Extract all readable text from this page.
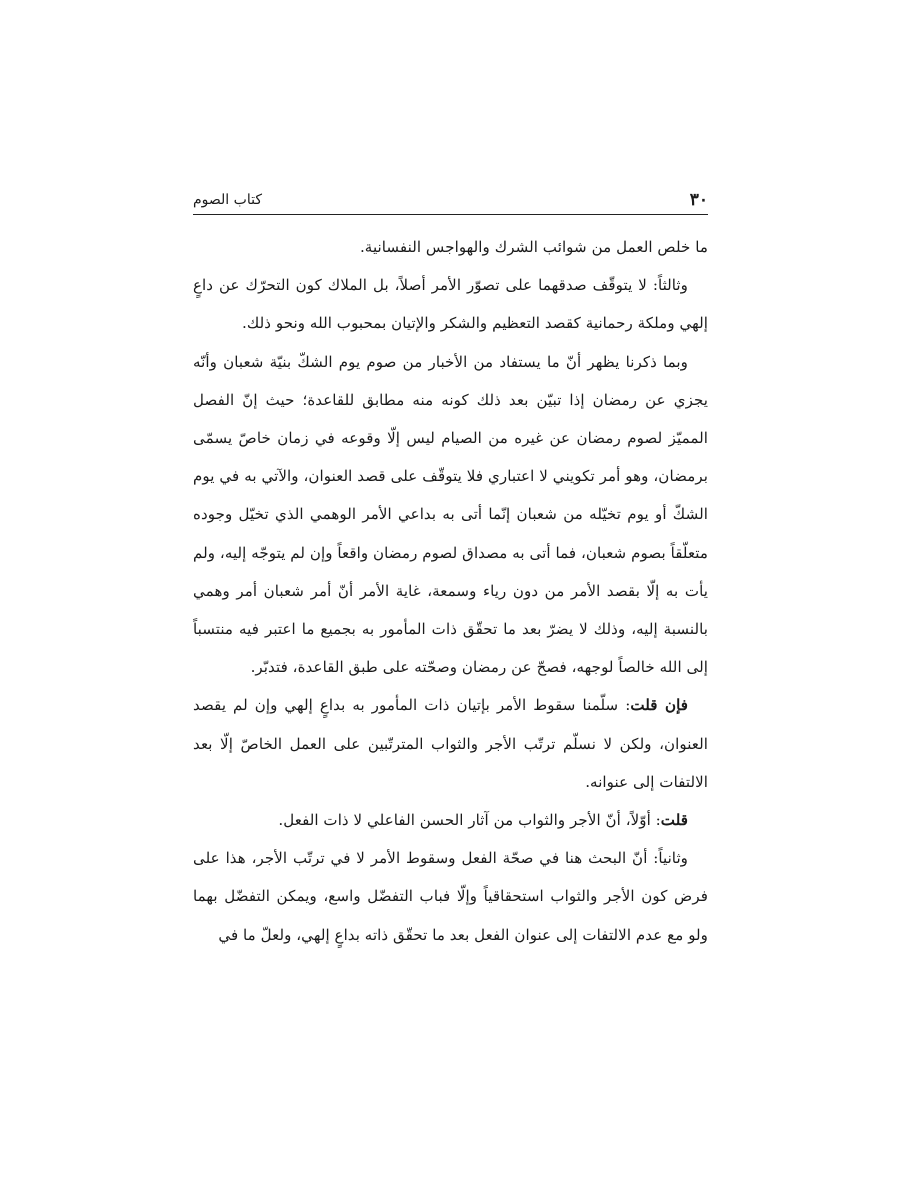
٣٠
كتاب الصوم

ما خلص العمل من شوائب الشرك والهواجس النفسانية.

وثالثاً: لا يتوقّف صدقهما على تصوّر الأمر أصلاً، بل الملاك كون التحرّك عن داعٍ إلهي وملكة رحمانية كقصد التعظيم والشكر والإتيان بمحبوب الله ونحو ذلك.

وبما ذكرنا يظهر أنّ ما يستفاد من الأخبار من صوم يوم الشكّ بنيّة شعبان وأنّه يجزي عن رمضان إذا تبيّن بعد ذلك كونه منه مطابق للقاعدة؛ حيث إنّ الفصل المميّز لصوم رمضان عن غيره من الصيام ليس إلّا وقوعه في زمان خاصّ يسمّى برمضان، وهو أمر تكويني لا اعتباري فلا يتوقّف على قصد العنوان، والآتي به في يوم الشكّ أو يوم تخيّله من شعبان إنّما أتى به بداعي الأمر الوهمي الذي تخيّل وجوده متعلّقاً بصوم شعبان، فما أتى به مصداق لصوم رمضان واقعاً وإن لم يتوجّه إليه، ولم يأت به إلّا بقصد الأمر من دون رياء وسمعة، غاية الأمر أنّ أمر شعبان أمر وهمي بالنسبة إليه، وذلك لا يضرّ بعد ما تحقّق ذات المأمور به بجميع ما اعتبر فيه منتسباً إلى الله خالصاً لوجهه، فصحّ عن رمضان وصحّته على طبق القاعدة، فتدبّر.

فإن قلت: سلّمنا سقوط الأمر بإتيان ذات المأمور به بداعٍ إلهي وإن لم يقصد العنوان، ولكن لا نسلّم ترتّب الأجر والثواب المترتّبين على العمل الخاصّ إلّا بعد الالتفات إلى عنوانه.

قلت: أوّلاً، أنّ الأجر والثواب من آثار الحسن الفاعلي لا ذات الفعل.

وثانياً: أنّ البحث هنا في صحّة الفعل وسقوط الأمر لا في ترتّب الأجر، هذا على فرض كون الأجر والثواب استحقاقياً وإلّا فباب التفضّل واسع، ويمكن التفضّل بهما ولو مع عدم الالتفات إلى عنوان الفعل بعد ما تحقّق ذاته بداعٍ إلهي، ولعلّ ما في
